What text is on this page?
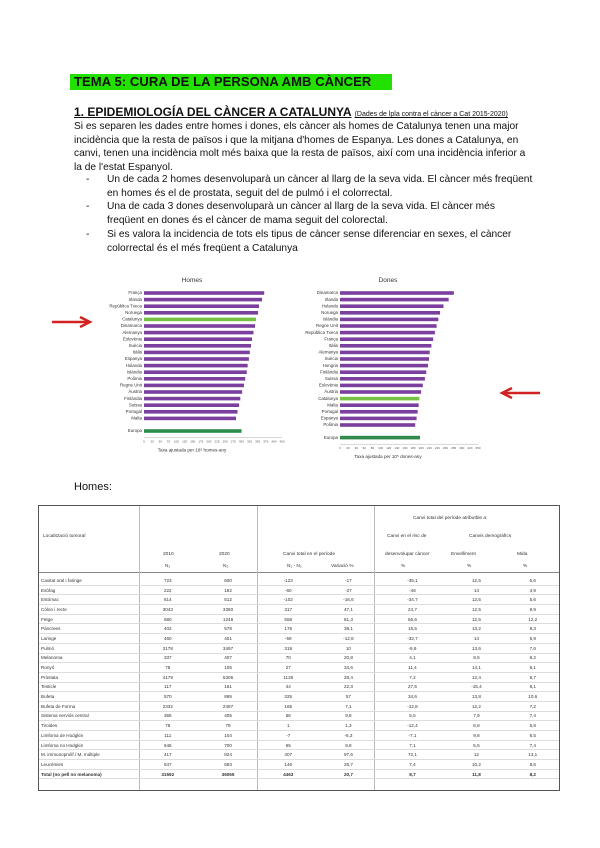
TEMA 5: CURA DE LA PERSONA AMB CÀNCER
1. EPIDEMIOLOGÍA DEL CÀNCER A CATALUNYA (Dades de lpla contra el càncer a Cat 2015-2020)
Si es separen les dades entre homes i dones, els càncer als homes de Catalunya tenen una major incidència que la resta de països i que la mitjana d'homes de Espanya. Les dones a Catalunya, en canvi, tenen una incidència molt més baixa que la resta de països, així com una incidència inferior a la de l'estat Espanyol.
- Un de cada 2 homes desenvoluparà un càncer al llarg de la seva vida. El càncer més freqüent en homes és el de prostata, seguit del de pulmó i el colorrectal.
- Una de cada 3 dones desenvoluparà un càncer al llarg de la seva vida. El càncer més freqüent en dones és el càncer de mama seguit del colorectal.
- Si es valora la incidencia de tots els tipus de càncer sense diferenciar en sexes, el càncer colorrectal és el més freqüent a Catalunya
Homes
França
Irlanda
República Txeca
Noruega
Catalunya
Dinamarca
Alemanya
Eslovènia
Suècia
Itàlia
Espanya
Holanda
Islàndia
Polònia
Regne Unit
Àustria
Finlàndia
Suissa
Portugal
Malta
Europa
0 25 50 75 100 125 150 175 200 225 250 275 300 325 350 375 400 450
Taxa ajustada per 10⁵ homes-any
Dones
Dinamarca
Irlanda
Holanda
Noruega
Islàndia
Regne Unit
República Txeca
França
Itàlia
Alemanya
Suècia
Hongria
Finlàndia
Suissa
Eslovènia
Àustria
Catalunya
Malta
Portugal
Espanya
Polònia
Europa
0 20 40 60 80 100 120 140 160 180 200 220 240 260 280 300 320 350
Taxa ajustada per 10⁵ dones-any
Homes:
Canvi total del període atribuïble a:
Canvi en el risc de
desenvolupar càncer
Canvis demogràfics
Localització tumoral
2010	2020	Canvi total en el període	Envelliment	Mida
N₁	N₂	N₁ - N₂	Variació %	%	%	%
Cavitat oral i faringe	723	600	-123	-17	-35,1	12,5	5,6
Esòfag	222	162	-60	-27	-46	14	4,9
Estómac	614	512	-102	-16,6	-34,7	12,5	5,6
Còlon i recte	3043	3360	317	47,1	24,7	12,5	9,9
Fetge	680	1248	558	81,3	56,6	12,5	12,2
Pàncrees	402	578	176	38,1	15,5	13,2	9,3
Laringe	460	401	-59	-12,8	-32,7	14	5,9
Pulmó	3178	3497	319	10	-9,9	13,6	7,6
Melanoma	337	407	70	20,8	4,1	8,6	8,2
Ronyó	78	105	27	34,6	11,4	14,1	9,1
Pròstata	4179	5306	1126	28,4	7,2	12,4	8,7
Testicle	117	161	44	22,3	27,5	-15,4	8,1
Bufeta	570	895	325	57	34,6	13,8	10,6
Bufeta de Forma	2332	2497	165	7,1	-12,8	12,2	7,2
Sistema nerviós central	365	405	56	9,8	5,5	7,9	7,4
Tiroides	78	79	1	1,3	-12,4	6,8	6,8
Limfoma de Hodgkin	111	104	-7	-6,3	-7,1	9,8	6,5
Limfoma no Hodgkin	646	700	65	9,8	7,1	5,5	7,4
M. immunoprolif./ M. múltiple	417	824	407	97,6	72,1	12	13,1
Leucèmies	547	693	146	26,7	7,4	10,2	8,6
Total (no pell no melanoma)	31592	36055	4463	20,7	8,7	11,8	8,2
